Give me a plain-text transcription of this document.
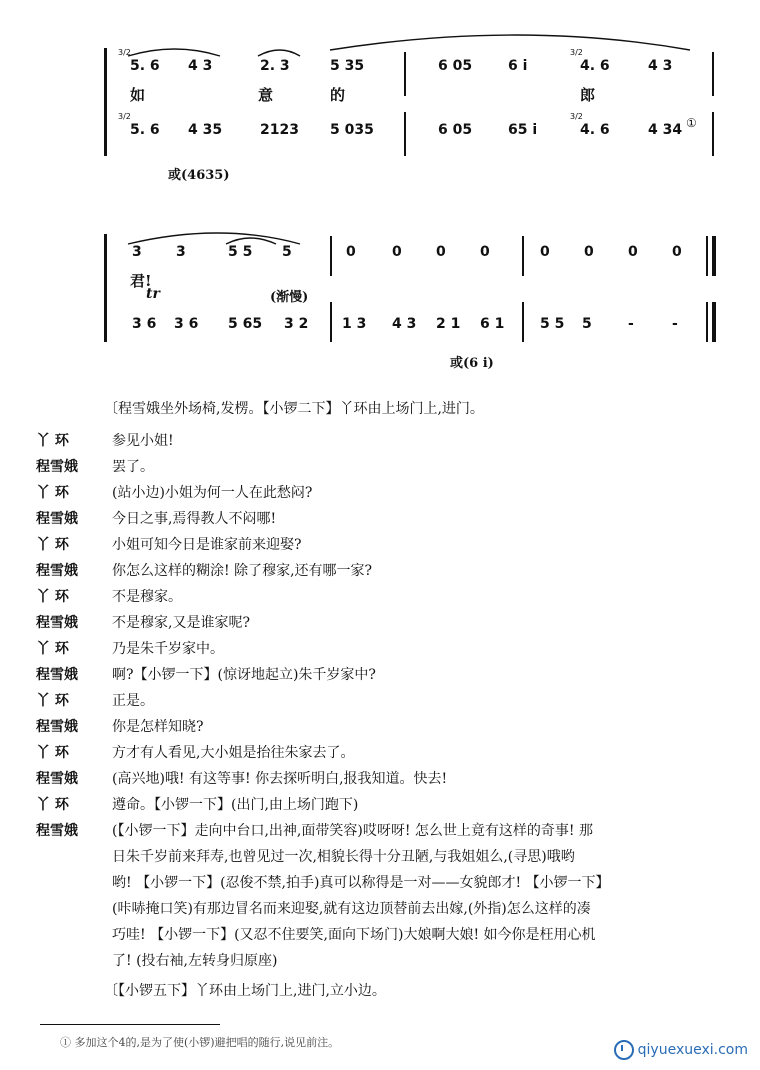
3/2
5. 6 4 3	2. 3	5 35	6 05	6 i
3/2
4. 6	4 3
如	意	的	郎
3/2
5. 6 4 35	2123 5 035	6 05	65 i
3/2
4. 6	4 34 ①
或(4635)
3 3	5 5 5	0	0 0 0	0 0 0 0
君!
tr	(渐慢)
3 6 3 6 5 65 3 2 1 3 4 3 2 1 6 1	5 5 5	-	-
或(6 i)
〔程雪娥坐外场椅,发楞。【小锣二下】丫环由上场门上,进门。
丫 环	参见小姐!
程雪娥	罢了。
丫 环	(站小边)小姐为何一人在此愁闷?
程雪娥	今日之事,焉得教人不闷哪!
丫 环	小姐可知今日是谁家前来迎娶?
程雪娥	你怎么这样的糊涂! 除了穆家,还有哪一家?
丫 环	不是穆家。
程雪娥	不是穆家,又是谁家呢?
丫 环	乃是朱千岁家中。
程雪娥	啊?【小锣一下】(惊讶地起立)朱千岁家中?
丫 环	正是。
程雪娥	你是怎样知晓?
丫 环	方才有人看见,大小姐是抬往朱家去了。
程雪娥	(高兴地)哦! 有这等事! 你去探听明白,报我知道。快去!
丫 环	遵命。【小锣一下】(出门,由上场门跑下)
程雪娥	(【小锣一下】走向中台口,出神,面带笑容)哎呀呀! 怎么世上竟有这样的奇事! 那
日朱千岁前来拜寿,也曾见过一次,相貌长得十分丑陋,与我姐姐么,(寻思)哦哟
哟! 【小锣一下】(忍俊不禁,拍手)真可以称得是一对——女貌郎才! 【小锣一下】
(咔哧掩口笑)有那边冒名而来迎娶,就有这边顶替前去出嫁,(外指)怎么这样的凑
巧哇! 【小锣一下】(又忍不住要笑,面向下场门)大娘啊大娘! 如今你是枉用心机
了! (投右袖,左转身归原座)
〔【小锣五下】丫环由上场门上,进门,立小边。
① 多加这个4的,是为了使(小锣)避把唱的随行,说见前注。	qiyuexuexi.com
